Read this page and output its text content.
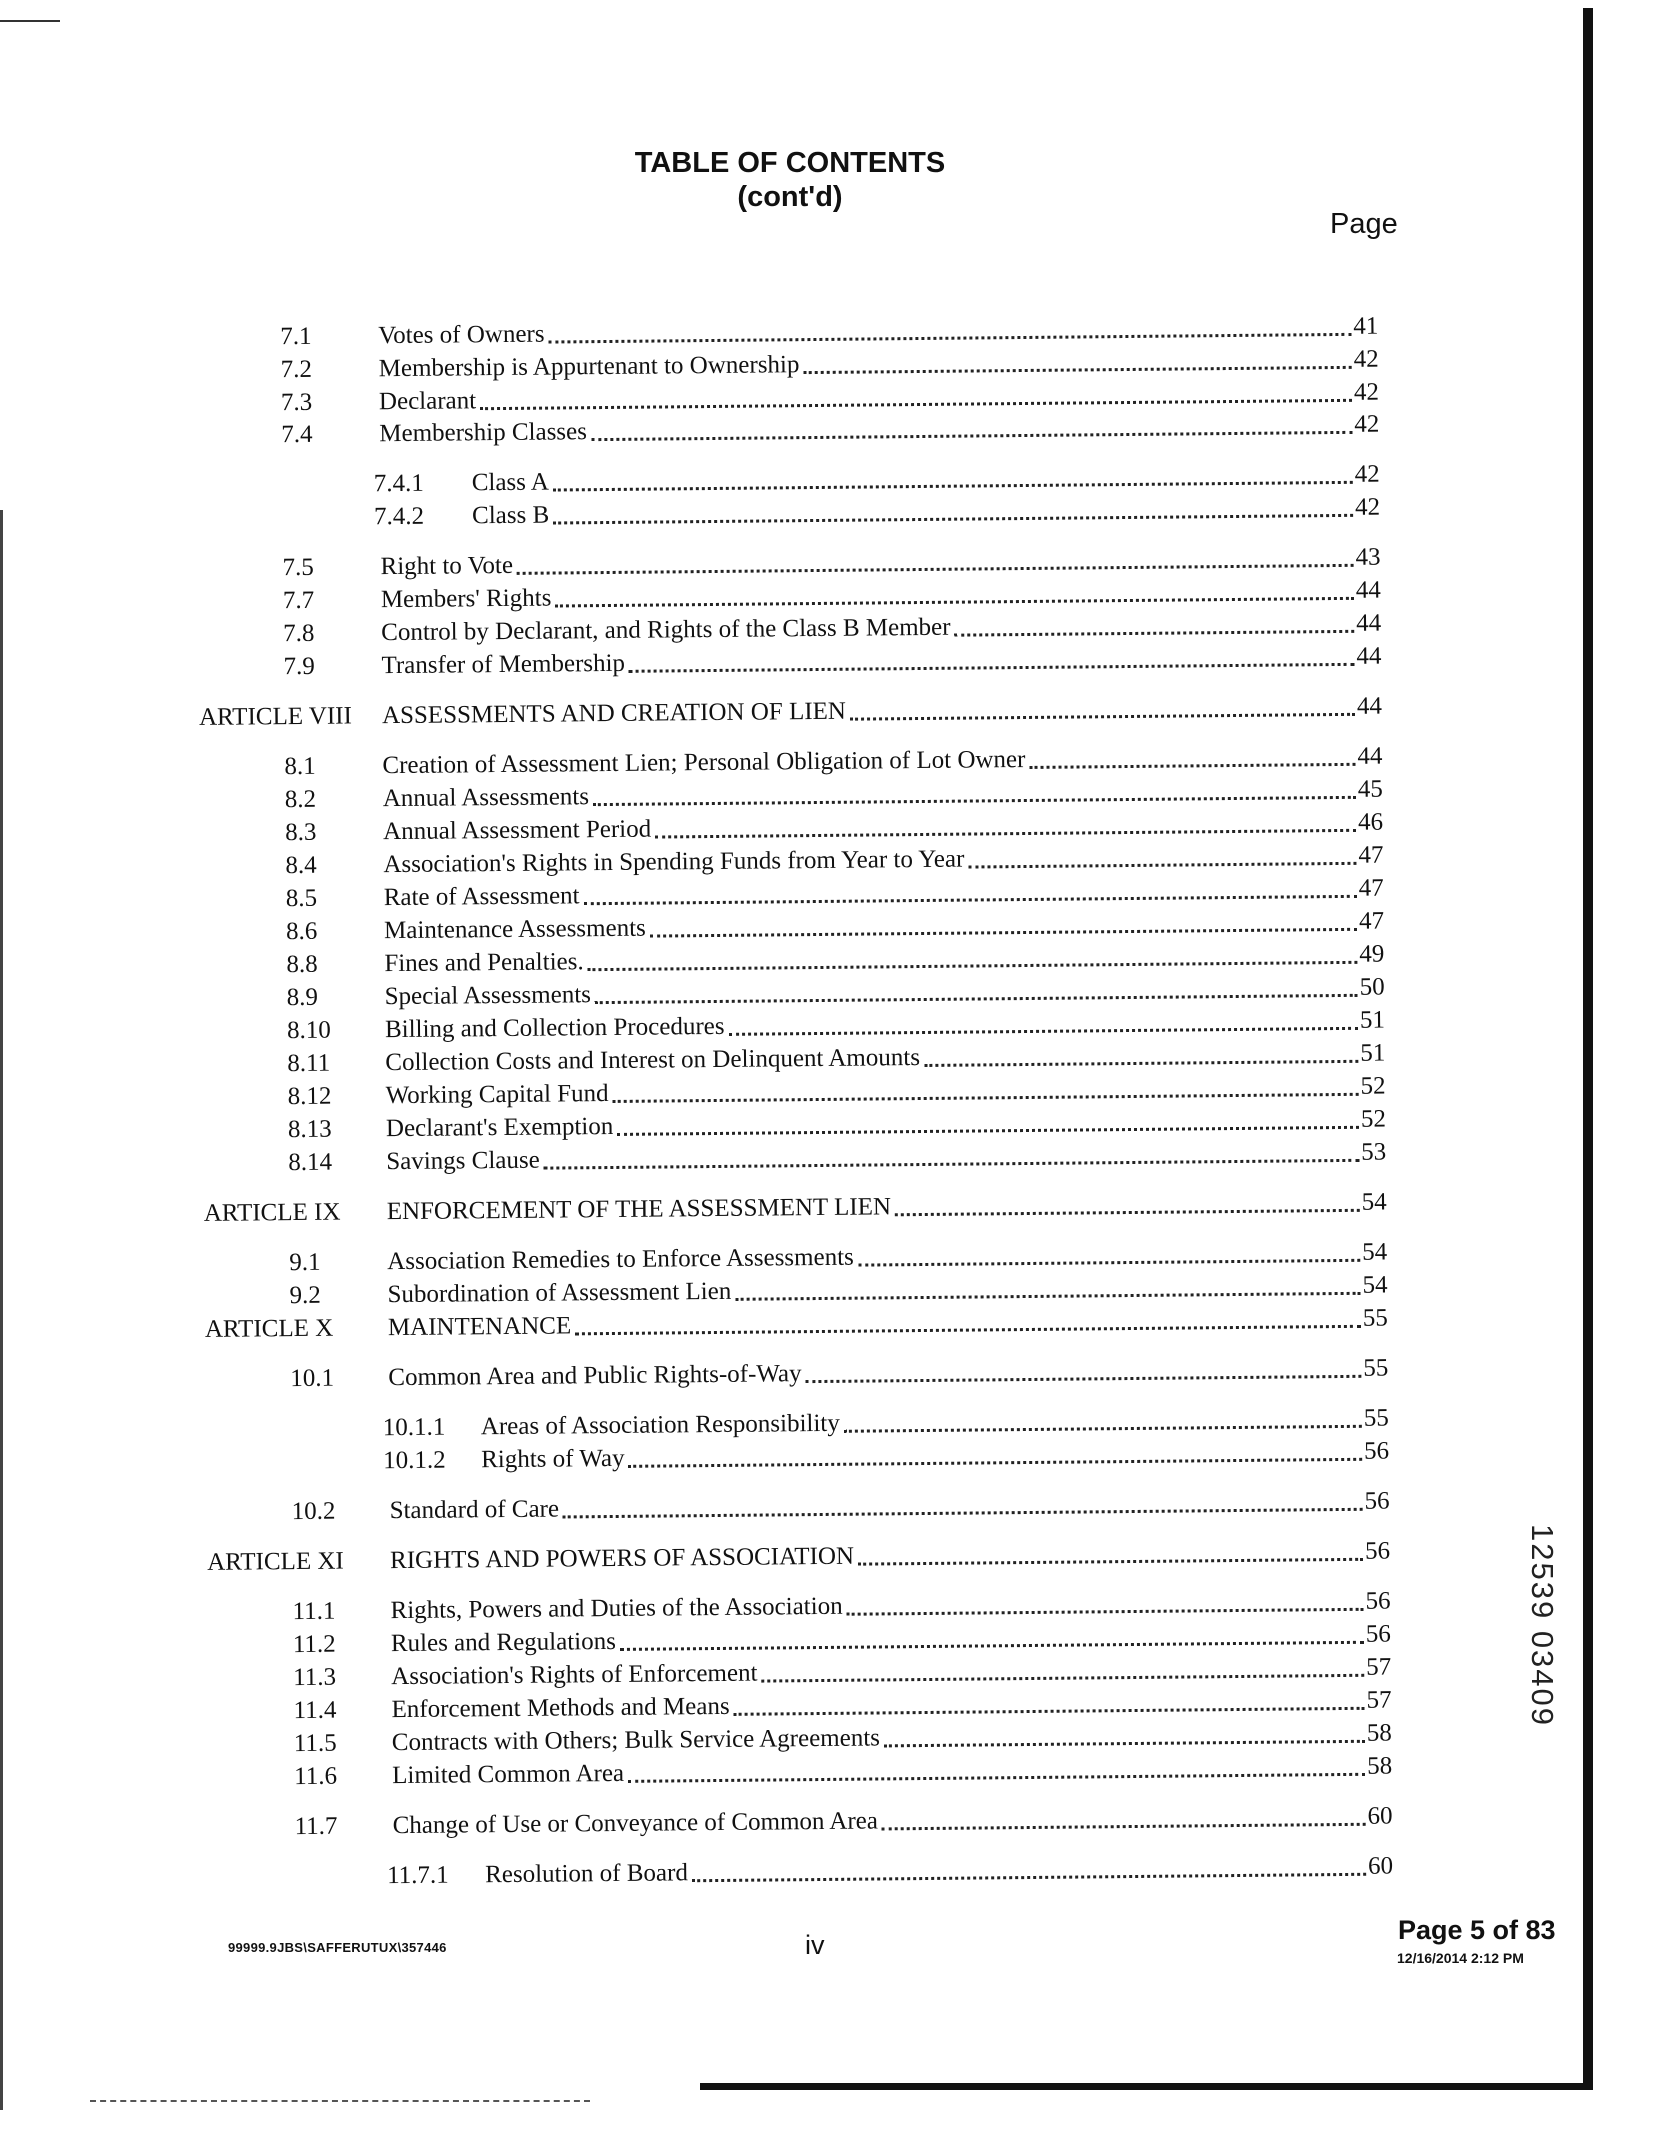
TABLE OF CONTENTS
(cont'd)
Page
7.1	Votes of Owners	41
7.2	Membership is Appurtenant to Ownership	42
7.3	Declarant	42
7.4	Membership Classes	42
7.4.1	Class A	42
7.4.2	Class B	42
7.5	Right to Vote	43
7.7	Members' Rights	44
7.8	Control by Declarant, and Rights of the Class B Member	44
7.9	Transfer of Membership	44
ARTICLE VIII	ASSESSMENTS AND CREATION OF LIEN	44
8.1	Creation of Assessment Lien; Personal Obligation of Lot Owner	44
8.2	Annual Assessments	45
8.3	Annual Assessment Period	46
8.4	Association's Rights in Spending Funds from Year to Year	47
8.5	Rate of Assessment	47
8.6	Maintenance Assessments	47
8.8	Fines and Penalties.	49
8.9	Special Assessments	50
8.10	Billing and Collection Procedures	51
8.11	Collection Costs and Interest on Delinquent Amounts	51
8.12	Working Capital Fund	52
8.13	Declarant's Exemption	52
8.14	Savings Clause	53
ARTICLE IX	ENFORCEMENT OF THE ASSESSMENT LIEN	54
9.1	Association Remedies to Enforce Assessments	54
9.2	Subordination of Assessment Lien	54
ARTICLE X	MAINTENANCE	55
10.1	Common Area and Public Rights-of-Way	55
10.1.1	Areas of Association Responsibility	55
10.1.2	Rights of Way	56
10.2	Standard of Care	56
ARTICLE XI	RIGHTS AND POWERS OF ASSOCIATION	56
11.1	Rights, Powers and Duties of the Association	56
11.2	Rules and Regulations	56
11.3	Association's Rights of Enforcement	57
11.4	Enforcement Methods and Means	57
11.5	Contracts with Others; Bulk Service Agreements	58
11.6	Limited Common Area	58
11.7	Change of Use or Conveyance of Common Area	60
11.7.1	Resolution of Board	60
12539 03409
99999.9JBS\SAFFERUTUX\357446	iv	Page 5 of 83
12/16/2014 2:12 PM
